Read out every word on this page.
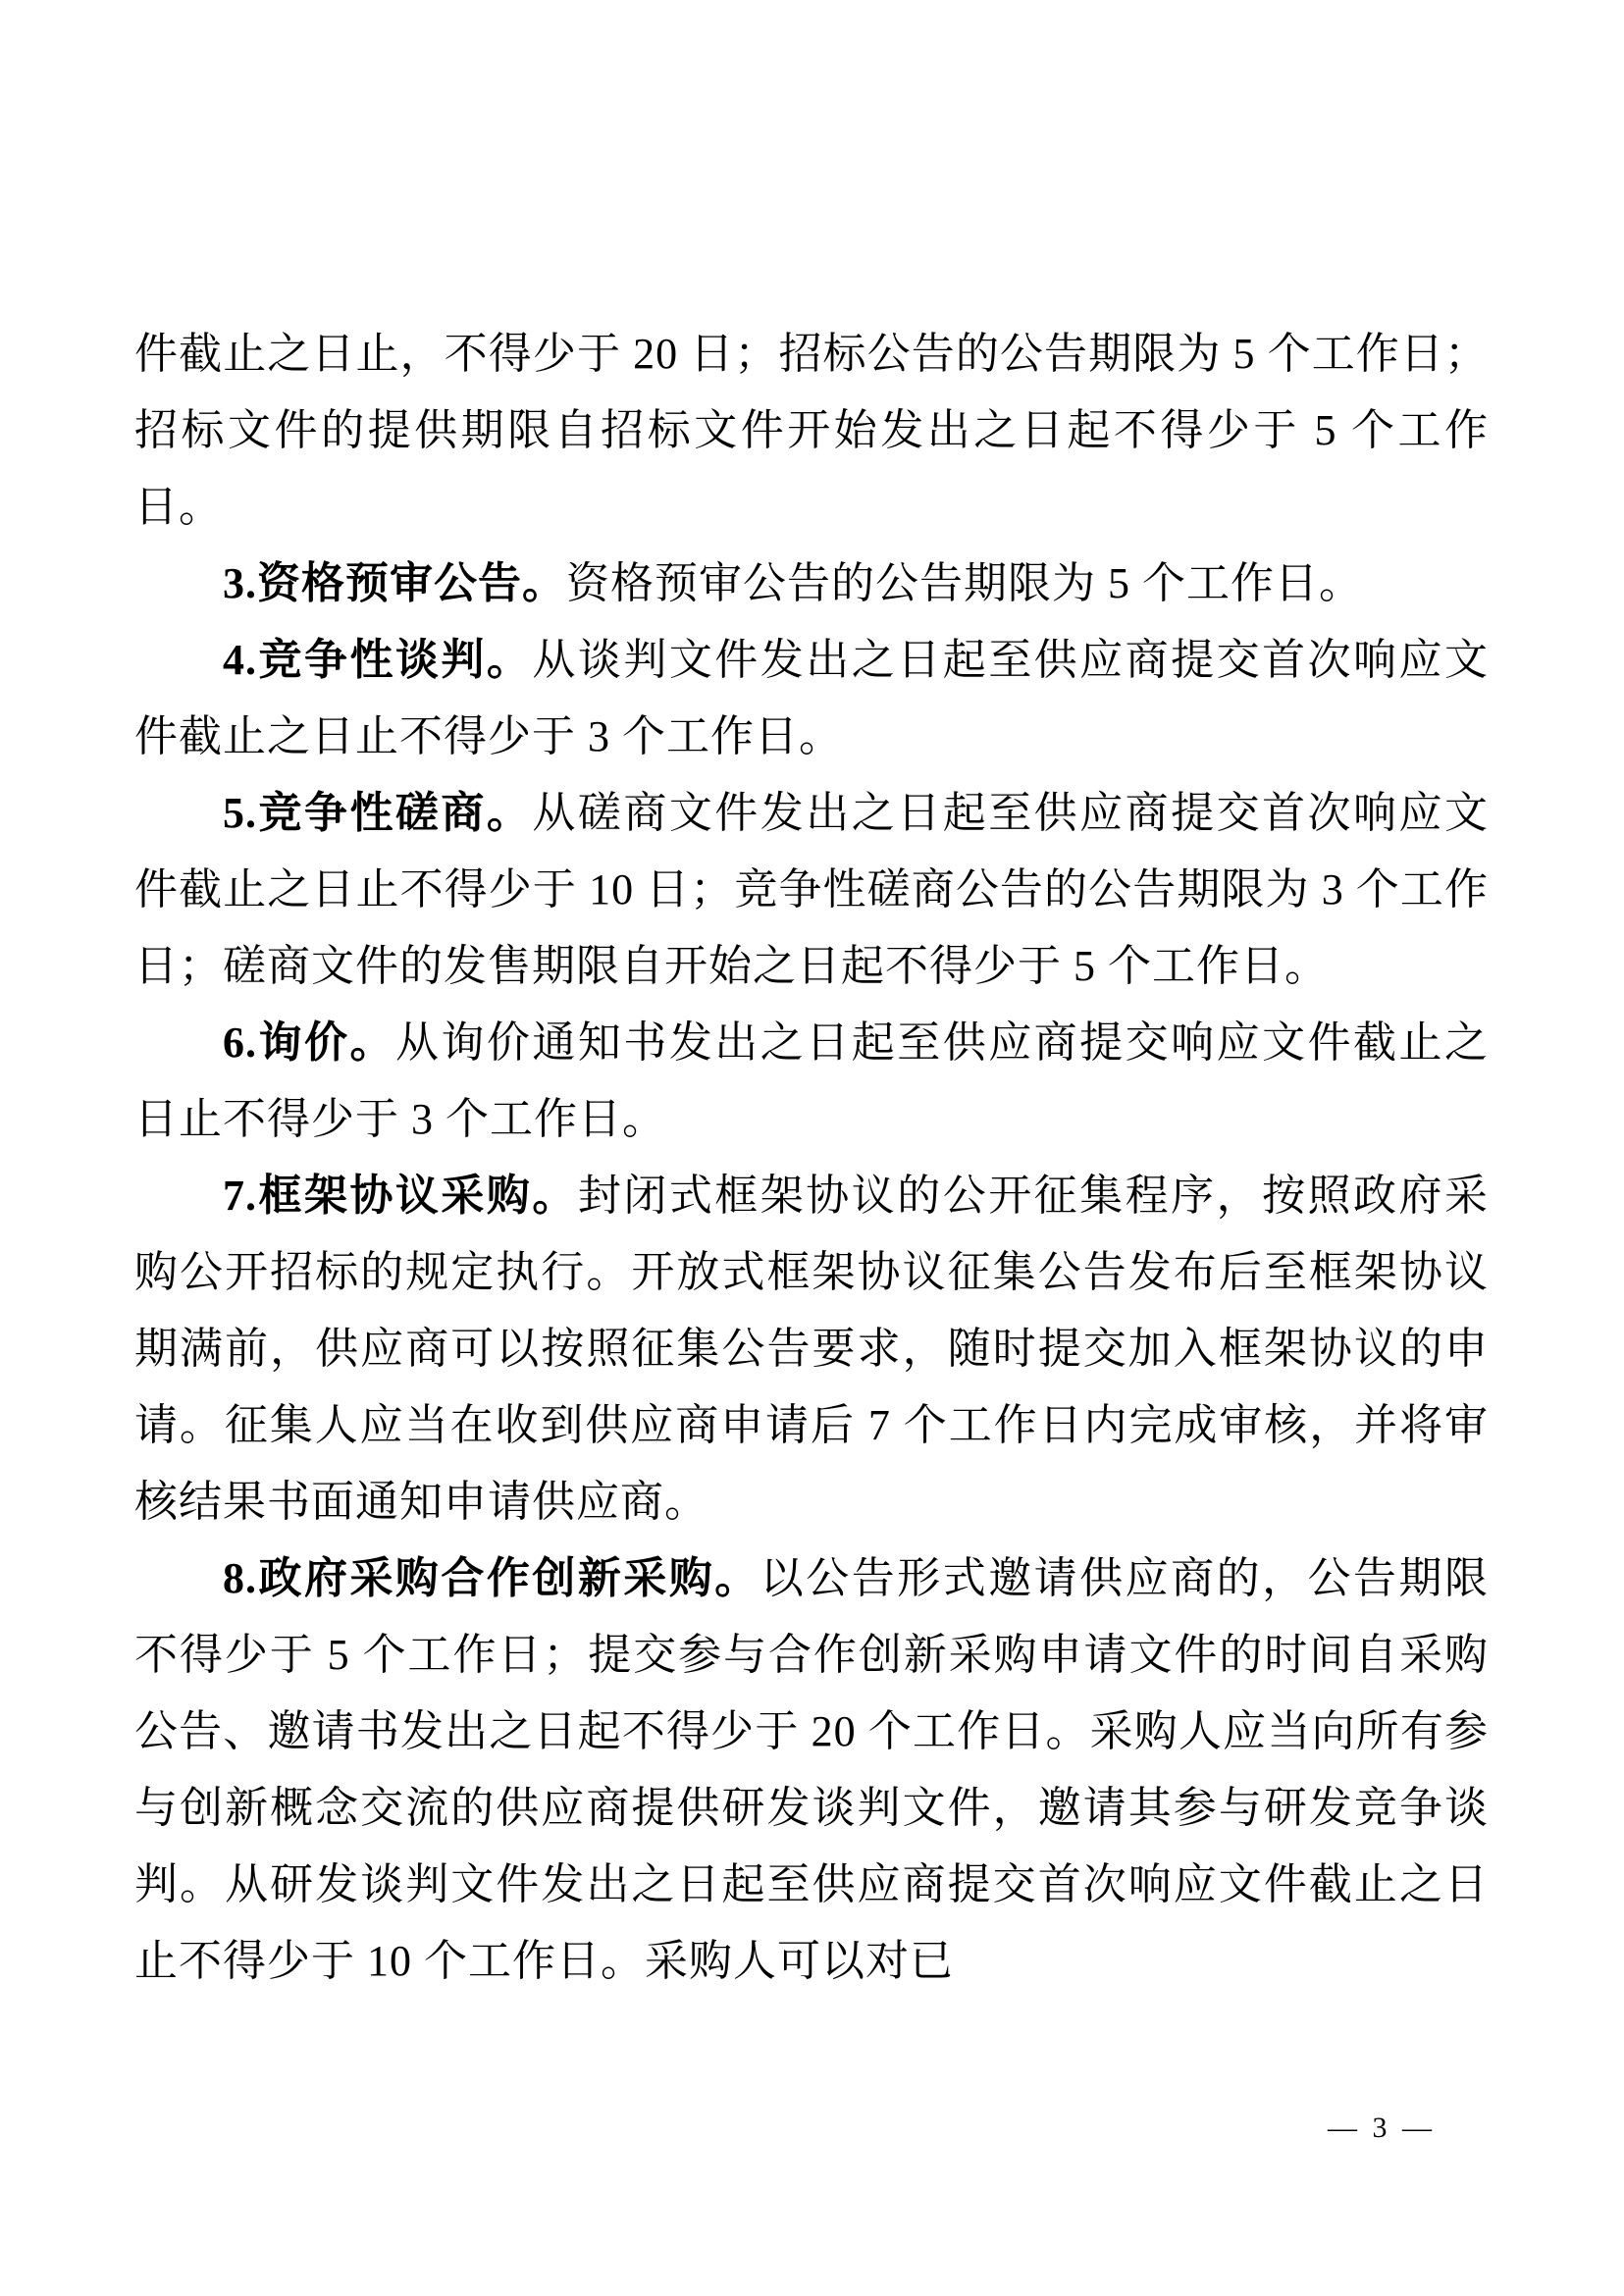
件截止之日止，不得少于 20 日；招标公告的公告期限为 5 个工作日；招标文件的提供期限自招标文件开始发出之日起不得少于 5 个工作日。

3.资格预审公告。资格预审公告的公告期限为 5 个工作日。

4.竞争性谈判。从谈判文件发出之日起至供应商提交首次响应文件截止之日止不得少于 3 个工作日。

5.竞争性磋商。从磋商文件发出之日起至供应商提交首次响应文件截止之日止不得少于 10 日；竞争性磋商公告的公告期限为 3 个工作日；磋商文件的发售期限自开始之日起不得少于 5 个工作日。

6.询价。从询价通知书发出之日起至供应商提交响应文件截止之日止不得少于 3 个工作日。

7.框架协议采购。封闭式框架协议的公开征集程序，按照政府采购公开招标的规定执行。开放式框架协议征集公告发布后至框架协议期满前，供应商可以按照征集公告要求，随时提交加入框架协议的申请。征集人应当在收到供应商申请后 7 个工作日内完成审核，并将审核结果书面通知申请供应商。

8.政府采购合作创新采购。以公告形式邀请供应商的，公告期限不得少于 5 个工作日；提交参与合作创新采购申请文件的时间自采购公告、邀请书发出之日起不得少于 20 个工作日。采购人应当向所有参与创新概念交流的供应商提供研发谈判文件，邀请其参与研发竞争谈判。从研发谈判文件发出之日起至供应商提交首次响应文件截止之日止不得少于 10 个工作日。采购人可以对已

— 3 —
